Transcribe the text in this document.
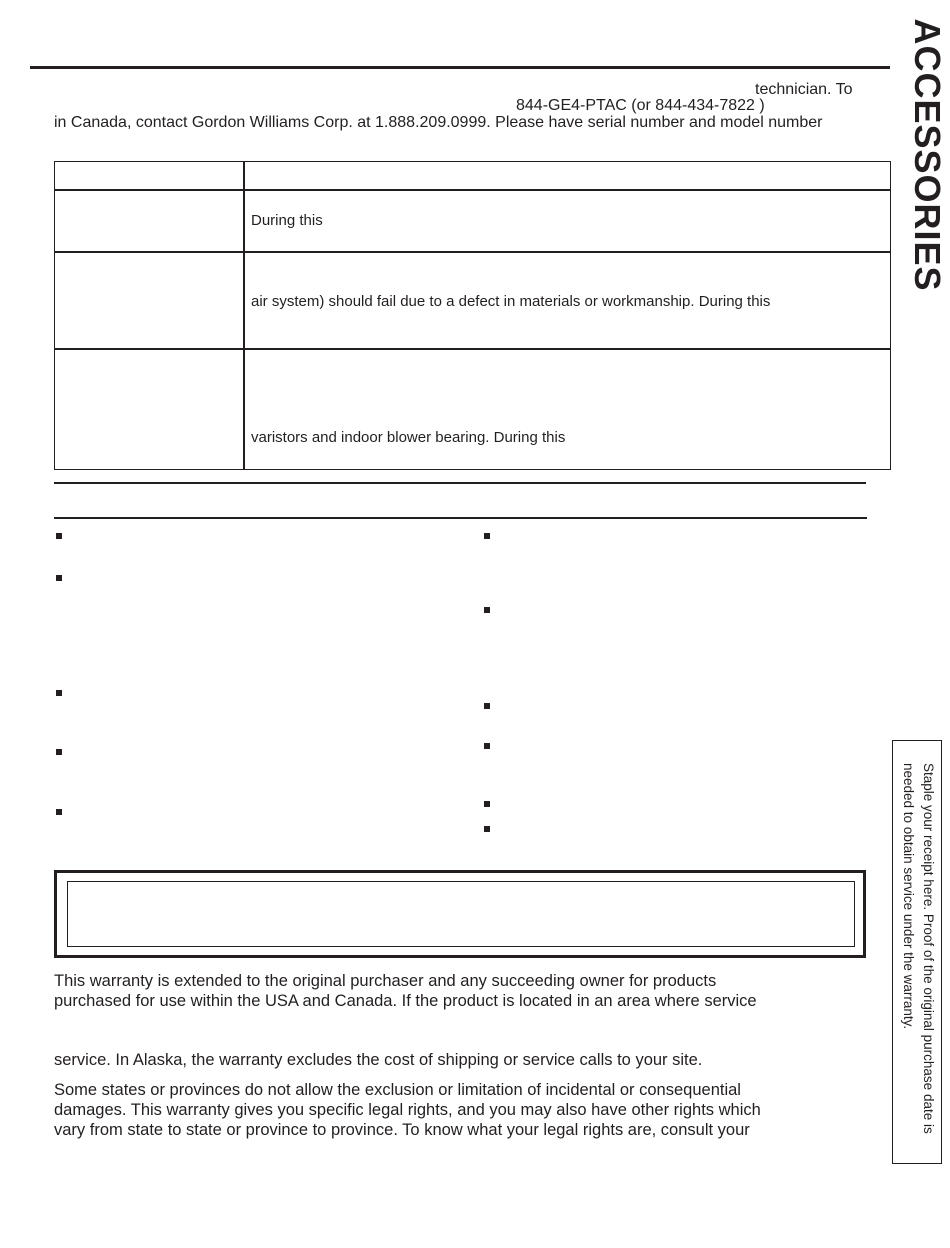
ACCESSORIES
technician. To
844-GE4-PTAC (or 844-434-7822 )
in Canada, contact Gordon Williams Corp. at 1.888.209.0999. Please have serial number and model number
During this
air system) should fail due to a defect in materials or workmanship. During this
varistors and indoor blower bearing. During this
This warranty is extended to the original purchaser and any succeeding owner for products
purchased for use within the USA and Canada. If the product is located in an area where service
service. In Alaska, the warranty excludes the cost of shipping or service calls to your site.
Some states or provinces do not allow the exclusion or limitation of incidental or consequential
damages. This warranty gives you specific legal rights, and you may also have other rights which
vary from state to state or province to province. To know what your legal rights are, consult your	Staple your receipt here. Proof of the original purchase date is needed to obtain service under the warranty.
